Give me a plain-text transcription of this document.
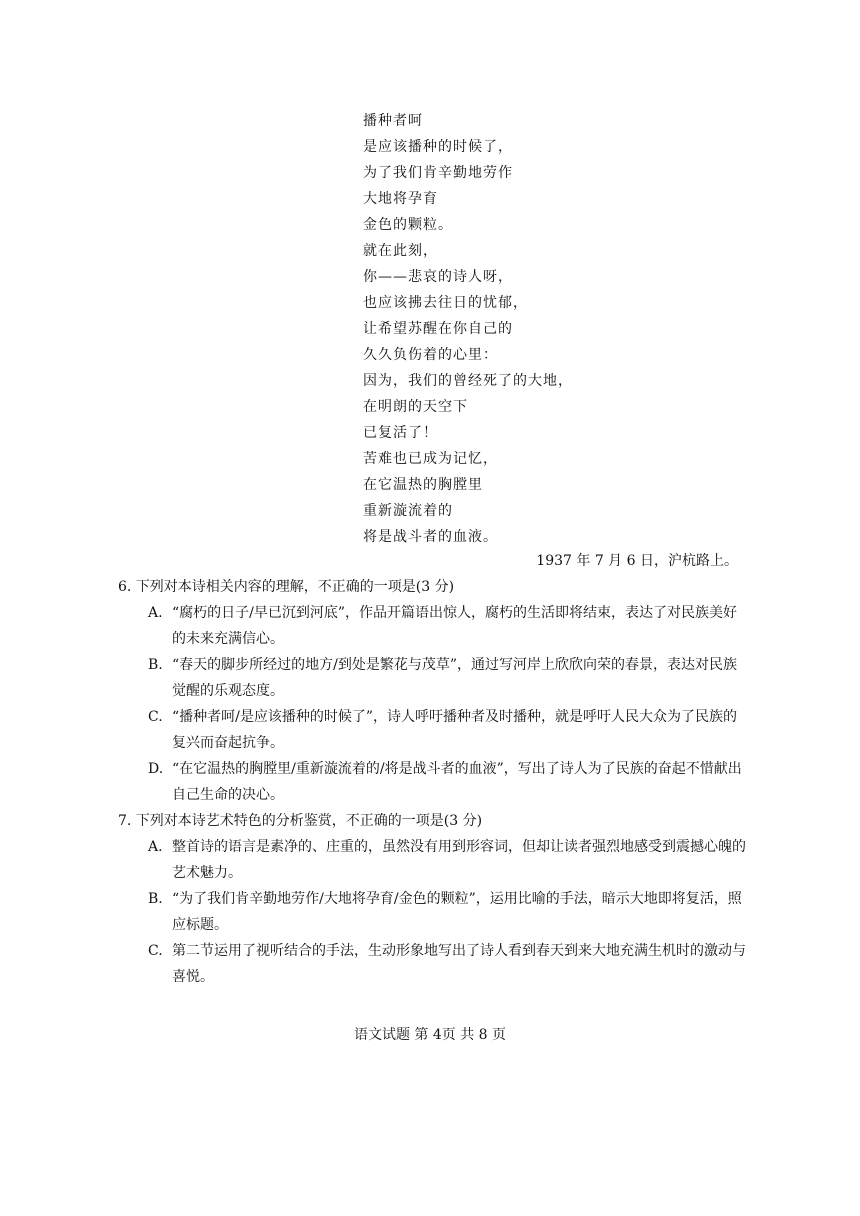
播种者呵
是应该播种的时候了，
为了我们肯辛勤地劳作
大地将孕育
金色的颗粒。
就在此刻，
你——悲哀的诗人呀，
也应该拂去往日的忧郁，
让希望苏醒在你自己的
久久负伤着的心里：
因为，我们的曾经死了的大地，
在明朗的天空下
已复活了！
苦难也已成为记忆，
在它温热的胸膛里
重新漩流着的
将是战斗者的血液。
1937 年 7 月 6 日，沪杭路上。
6. 下列对本诗相关内容的理解，不正确的一项是(3 分)

A. “腐朽的日子/早已沉到河底”，作品开篇语出惊人，腐朽的生活即将结束，表达了对民族美好的未来充满信心。

B. “春天的脚步所经过的地方/到处是繁花与茂草”，通过写河岸上欣欣向荣的春景，表达对民族觉醒的乐观态度。

C. “播种者呵/是应该播种的时候了”，诗人呼吁播种者及时播种，就是呼吁人民大众为了民族的复兴而奋起抗争。

D. “在它温热的胸膛里/重新漩流着的/将是战斗者的血液”，写出了诗人为了民族的奋起不惜献出自己生命的决心。

7. 下列对本诗艺术特色的分析鉴赏，不正确的一项是(3 分)

A. 整首诗的语言是素净的、庄重的，虽然没有用到形容词，但却让读者强烈地感受到震撼心魄的艺术魅力。

B. “为了我们肯辛勤地劳作/大地将孕育/金色的颗粒”，运用比喻的手法，暗示大地即将复活，照应标题。

C. 第二节运用了视听结合的手法，生动形象地写出了诗人看到春天到来大地充满生机时的激动与喜悦。

语文试题 第 4页 共 8 页
